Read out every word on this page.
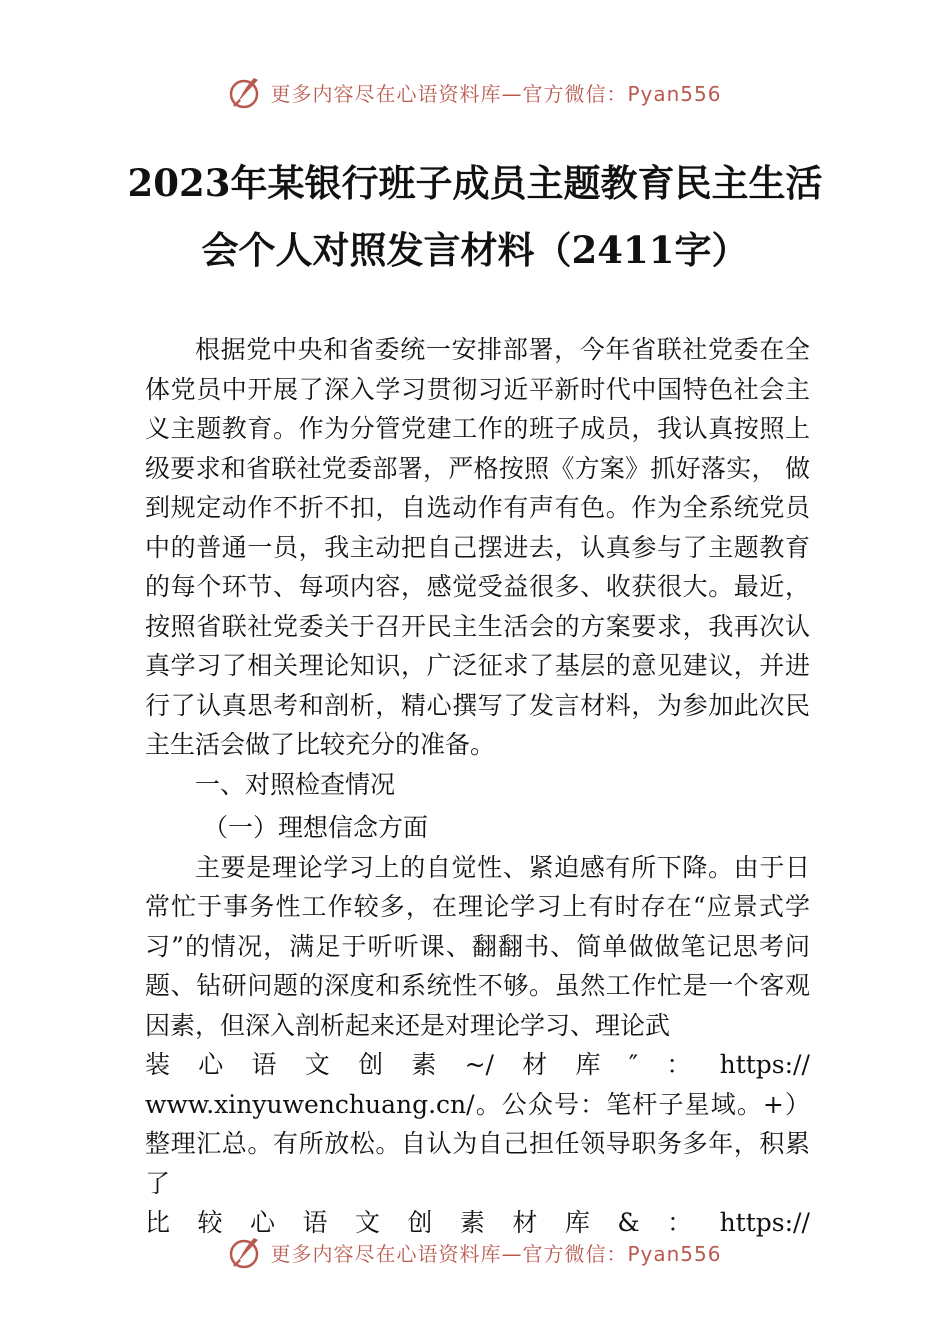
更多内容尽在心语资料库—官方微信：Pyan556
2023年某银行班子成员主题教育民主生活
会个人对照发言材料（2411字）

根据党中央和省委统一安排部署，今年省联社党委在全体党员中开展了深入学习贯彻习近平新时代中国特色社会主义主题教育。作为分管党建工作的班子成员，我认真按照上级要求和省联社党委部署，严格按照《方案》抓好落实， 做到规定动作不折不扣，自选动作有声有色。作为全系统党员中的普通一员，我主动把自己摆进去，认真参与了主题教育的每个环节、每项内容，感觉受益很多、收获很大。最近， 按照省联社党委关于召开民主生活会的方案要求，我再次认真学习了相关理论知识，广泛征求了基层的意见建议，并进行了认真思考和剖析，精心撰写了发言材料，为参加此次民主生活会做了比较充分的准备。

一、对照检查情况

（一）理想信念方面

主要是理论学习上的自觉性、紧迫感有所下降。由于日常忙于事务性工作较多，在理论学习上有时存在“应景式学习”的情况，满足于听听课、翻翻书、简单做做笔记思考问题、钻研问题的深度和系统性不够。虽然工作忙是一个客观因素，但深入剖析起来还是对理论学习、理论武

装 心 语 文 创 素 ~/ 材 库 ″ ： https://

www.xinyuwenchuang.cn/。公众号：笔杆子星域。+）整理汇总。有所放松。自认为自己担任领导职务多年，积累了

比 较 心 语 文 创 素 材 库 & ： https://
更多内容尽在心语资料库—官方微信：Pyan556
